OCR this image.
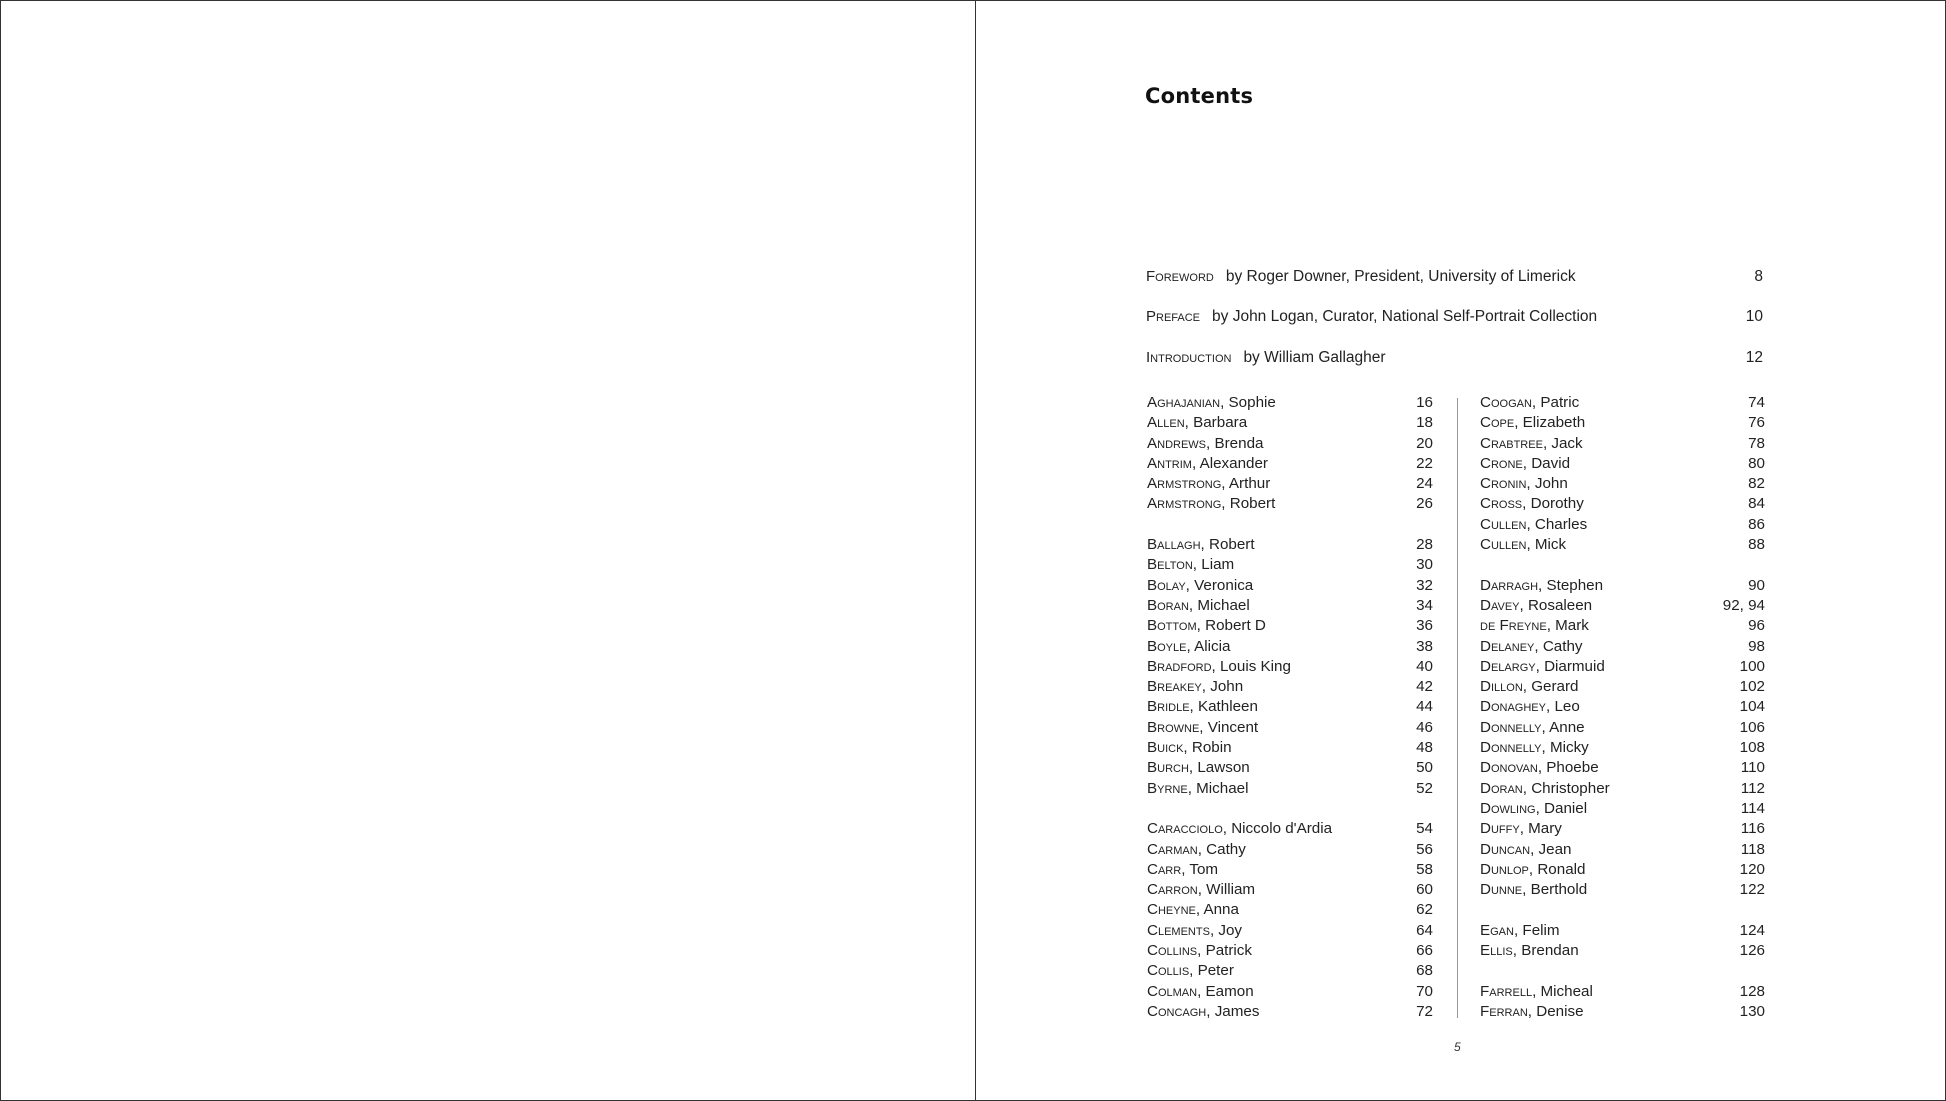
Contents
Foreword by Roger Downer, President, University of Limerick	8
Preface by John Logan, Curator, National Self-Portrait Collection	10
Introduction by William Gallagher	12
Aghajanian, Sophie	16
Allen, Barbara	18
Andrews, Brenda	20
Antrim, Alexander	22
Armstrong, Arthur	24
Armstrong, Robert	26
Ballagh, Robert	28
Belton, Liam	30
Bolay, Veronica	32
Boran, Michael	34
Bottom, Robert D	36
Boyle, Alicia	38
Bradford, Louis King	40
Breakey, John	42
Bridle, Kathleen	44
Browne, Vincent	46
Buick, Robin	48
Burch, Lawson	50
Byrne, Michael	52
Caracciolo, Niccolo d'Ardia	54
Carman, Cathy	56
Carr, Tom	58
Carron, William	60
Cheyne, Anna	62
Clements, Joy	64
Collins, Patrick	66
Collis, Peter	68
Colman, Eamon	70
Concagh, James	72
Coogan, Patric	74
Cope, Elizabeth	76
Crabtree, Jack	78
Crone, David	80
Cronin, John	82
Cross, Dorothy	84
Cullen, Charles	86
Cullen, Mick	88
Darragh, Stephen	90
Davey, Rosaleen	92, 94
de Freyne, Mark	96
Delaney, Cathy	98
Delargy, Diarmuid	100
Dillon, Gerard	102
Donaghey, Leo	104
Donnelly, Anne	106
Donnelly, Micky	108
Donovan, Phoebe	110
Doran, Christopher	112
Dowling, Daniel	114
Duffy, Mary	116
Duncan, Jean	118
Dunlop, Ronald	120
Dunne, Berthold	122
Egan, Felim	124
Ellis, Brendan	126
Farrell, Micheal	128
Ferran, Denise	130
5
